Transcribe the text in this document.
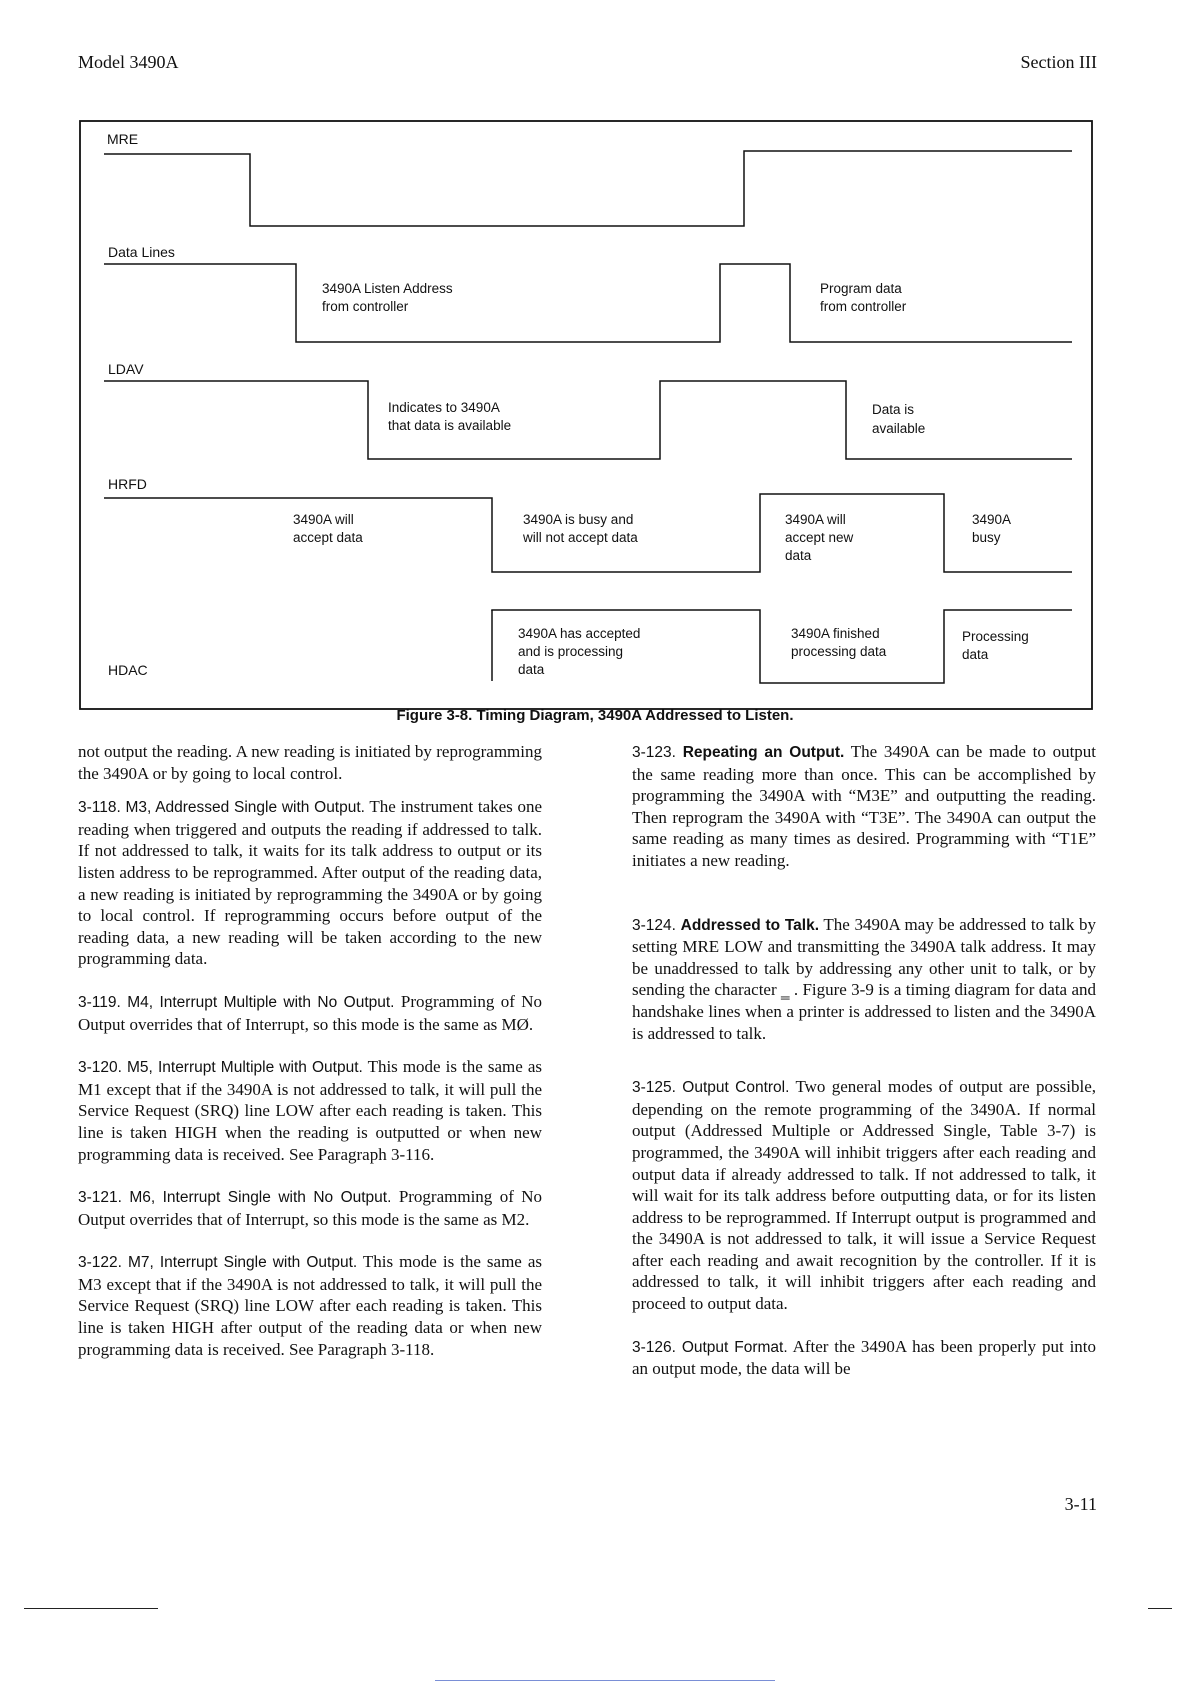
Model 3490A	Section III
MRE
Data Lines
LDAV
HRFD
HDAC
3490A Listen Address
from controller
Program data
from controller
Indicates to 3490A
that data is available
Data is
available
3490A will
accept data
3490A is busy and
will not accept data
3490A will
accept new
data
3490A
busy
3490A has accepted
and is processing
data
3490A finished
processing data
Processing
data
Figure 3-8. Timing Diagram, 3490A Addressed to Listen.

not output the reading. A new reading is initiated by reprogramming the 3490A or by going to local control.

3-118. M3, Addressed Single with Output. The instrument takes one reading when triggered and outputs the reading if addressed to talk. If not addressed to talk, it waits for its talk address to output or its listen address to be reprogrammed. After output of the reading data, a new reading is initiated by reprogramming the 3490A or by going to local control. If reprogramming occurs before output of the reading data, a new reading will be taken according to the new programming data.

3-119. M4, Interrupt Multiple with No Output. Programming of No Output overrides that of Interrupt, so this mode is the same as MØ.

3-120. M5, Interrupt Multiple with Output. This mode is the same as M1 except that if the 3490A is not addressed to talk, it will pull the Service Request (SRQ) line LOW after each reading is taken. This line is taken HIGH when the reading is outputted or when new programming data is received. See Paragraph 3-116.

3-121. M6, Interrupt Single with No Output. Programming of No Output overrides that of Interrupt, so this mode is the same as M2.

3-122. M7, Interrupt Single with Output. This mode is the same as M3 except that if the 3490A is not addressed to talk, it will pull the Service Request (SRQ) line LOW after each reading is taken. This line is taken HIGH after output of the reading data or when new programming data is received. See Paragraph 3-118.

3-123. Repeating an Output. The 3490A can be made to output the same reading more than once. This can be accomplished by programming the 3490A with “M3E” and outputting the reading. Then reprogram the 3490A with “T3E”. The 3490A can output the same reading as many times as desired. Programming with “T1E” initiates a new reading.

3-124. Addressed to Talk. The 3490A may be addressed to talk by setting MRE LOW and transmitting the 3490A talk address. It may be unaddressed to talk by addressing any other unit to talk, or by sending the character ‗ . Figure 3-9 is a timing diagram for data and handshake lines when a printer is addressed to listen and the 3490A is addressed to talk.

3-125. Output Control. Two general modes of output are possible, depending on the remote programming of the 3490A. If normal output (Addressed Multiple or Addressed Single, Table 3-7) is programmed, the 3490A will inhibit triggers after each reading and output data if already addressed to talk. If not addressed to talk, it will wait for its talk address before outputting data, or for its listen address to be reprogrammed. If Interrupt output is programmed and the 3490A is not addressed to talk, it will issue a Service Request after each reading and await recognition by the controller. If it is addressed to talk, it will inhibit triggers after each reading and proceed to output data.

3-126. Output Format. After the 3490A has been properly put into an output mode, the data will be

3-11
